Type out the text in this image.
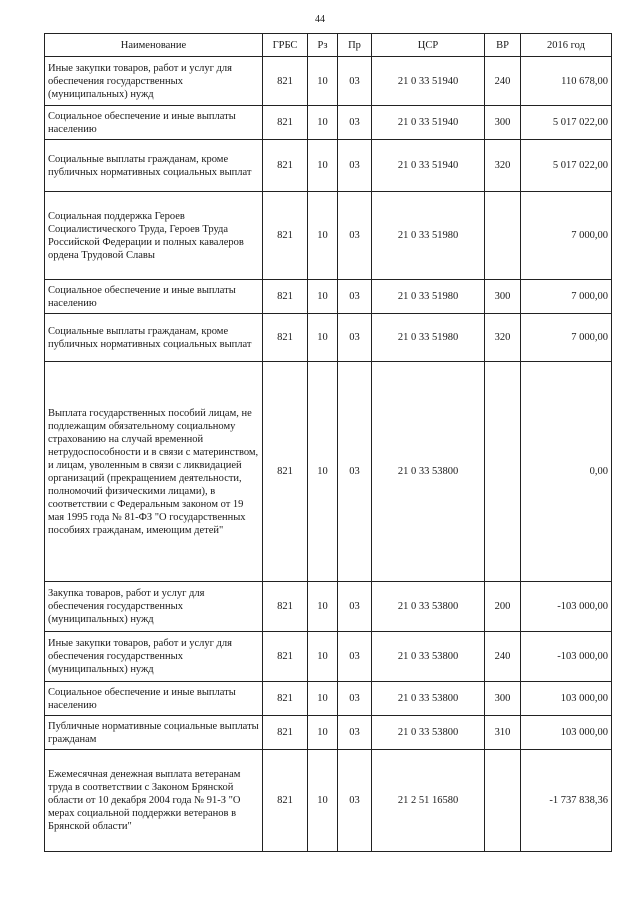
44
Наименование	ГРБС	Рз	Пр	ЦСР	ВР	2016 год
Иные закупки товаров, работ и услуг для обеспечения государственных (муниципальных) нужд	821	10	03	21 0 33 51940	240	110 678,00
Социальное обеспечение и иные выплаты населению	821	10	03	21 0 33 51940	300	5 017 022,00
Социальные выплаты гражданам, кроме публичных нормативных социальных выплат	821	10	03	21 0 33 51940	320	5 017 022,00
Социальная поддержка Героев Социалистического Труда, Героев Труда Российской Федерации и полных кавалеров ордена Трудовой Славы	821	10	03	21 0 33 51980		7 000,00
Социальное обеспечение и иные выплаты населению	821	10	03	21 0 33 51980	300	7 000,00
Социальные выплаты гражданам, кроме публичных нормативных социальных выплат	821	10	03	21 0 33 51980	320	7 000,00
Выплата государственных пособий лицам, не подлежащим обязательному социальному страхованию на случай временной нетрудоспособности и в связи с материнством, и лицам, уволенным в связи с ликвидацией организаций (прекращением деятельности, полномочий физическими лицами), в соответствии с Федеральным законом от 19 мая 1995 года № 81-ФЗ "О государственных пособиях гражданам, имеющим детей"	821	10	03	21 0 33 53800		0,00
Закупка товаров, работ и услуг для обеспечения государственных (муниципальных) нужд	821	10	03	21 0 33 53800	200	-103 000,00
Иные закупки товаров, работ и услуг для обеспечения государственных (муниципальных) нужд	821	10	03	21 0 33 53800	240	-103 000,00
Социальное обеспечение и иные выплаты населению	821	10	03	21 0 33 53800	300	103 000,00
Публичные нормативные социальные выплаты гражданам	821	10	03	21 0 33 53800	310	103 000,00
Ежемесячная денежная выплата ветеранам труда в соответствии с Законом Брянской области от 10 декабря 2004 года № 91-З "О мерах социальной поддержки ветеранов в Брянской области"	821	10	03	21 2 51 16580		-1 737 838,36
